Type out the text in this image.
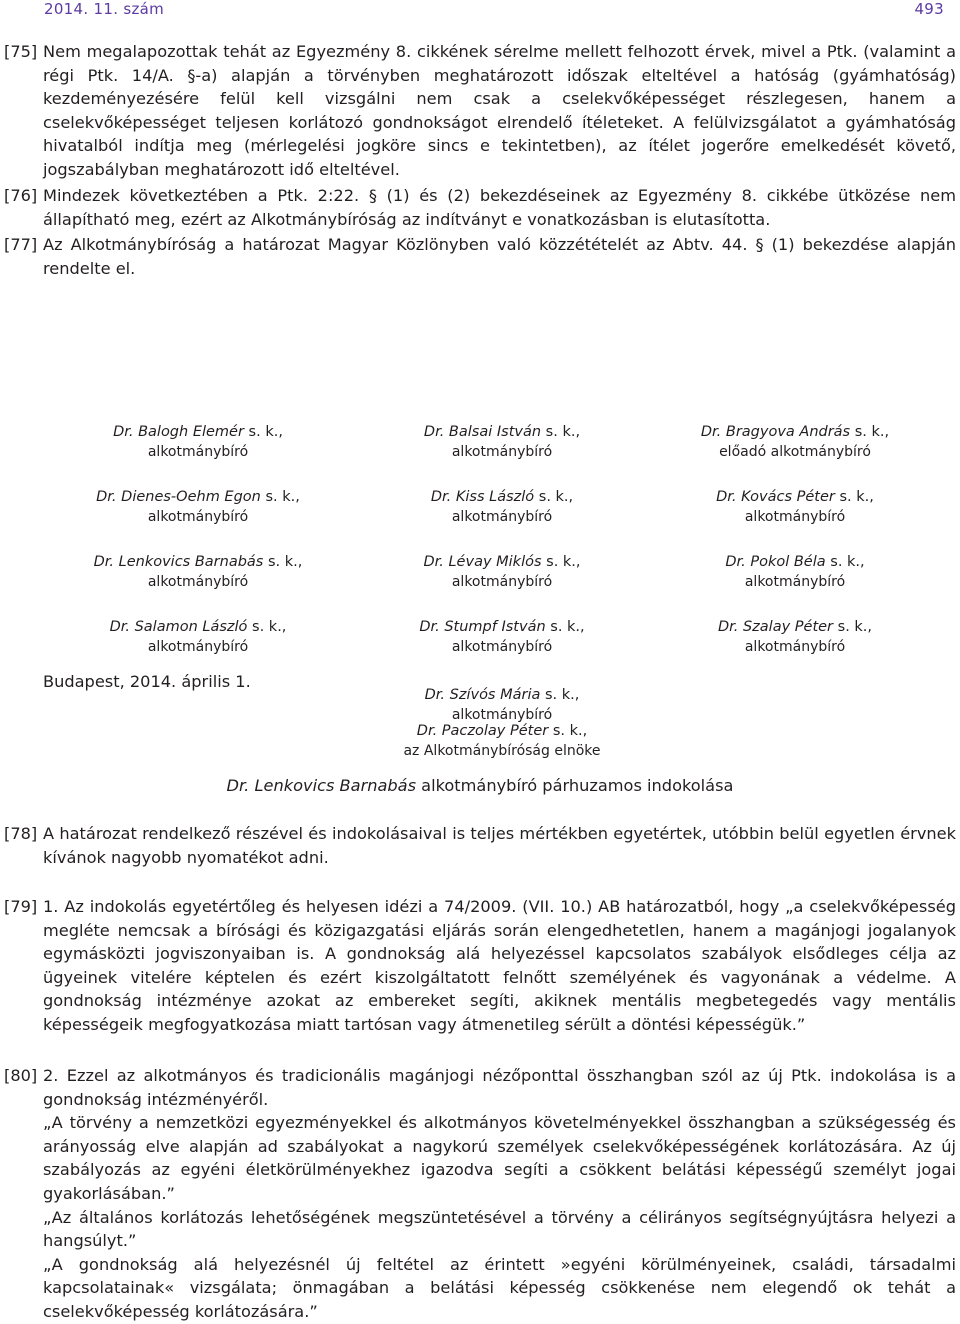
2014. 11. szám	493
[75] Nem megalapozottak tehát az Egyezmény 8. cikkének sérelme mellett felhozott érvek, mivel a Ptk. (valamint a régi Ptk. 14/A. §-a) alapján a törvényben meghatározott időszak elteltével a hatóság (gyámhatóság) kezdeményezésére felül kell vizsgálni nem csak a cselekvőképességet részlegesen, hanem a cselekvőképességet teljesen korlátozó gondnokságot elrendelő ítéleteket. A felülvizsgálatot a gyámhatóság hivatalból indítja meg (mérlegelési jogköre sincs e tekintetben), az ítélet jogerőre emelkedését követő, jogszabályban meghatározott idő elteltével.
[76] Mindezek következtében a Ptk. 2:22. § (1) és (2) bekezdéseinek az Egyezmény 8. cikkébe ütközése nem állapítható meg, ezért az Alkotmánybíróság az indítványt e vonatkozásban is elutasította.
[77] Az Alkotmánybíróság a határozat Magyar Közlönyben való közzétételét az Abtv. 44. § (1) bekezdése alapján rendelte el.
Budapest, 2014. április 1.
Dr. Paczolay Péter s. k.,
az Alkotmánybíróság elnöke
Dr. Balogh Elemér s. k.,
alkotmánybíró
Dr. Balsai István s. k.,
alkotmánybíró
Dr. Bragyova András s. k.,
előadó alkotmánybíró
Dr. Dienes-Oehm Egon s. k.,
alkotmánybíró
Dr. Kiss László s. k.,
alkotmánybíró
Dr. Kovács Péter s. k.,
alkotmánybíró
Dr. Lenkovics Barnabás s. k.,
alkotmánybíró
Dr. Lévay Miklós s. k.,
alkotmánybíró
Dr. Pokol Béla s. k.,
alkotmánybíró
Dr. Salamon László s. k.,
alkotmánybíró
Dr. Stumpf István s. k.,
alkotmánybíró
Dr. Szalay Péter s. k.,
alkotmánybíró
Dr. Szívós Mária s. k.,
alkotmánybíró
Dr. Lenkovics Barnabás alkotmánybíró párhuzamos indokolása
[78] A határozat rendelkező részével és indokolásaival is teljes mértékben egyetértek, utóbbin belül egyetlen érvnek kívánok nagyobb nyomatékot adni.

[79] 1. Az indokolás egyetértőleg és helyesen idézi a 74/2009. (VII. 10.) AB határozatból, hogy „a cselekvőképesség megléte nemcsak a bírósági és közigazgatási eljárás során elengedhetetlen, hanem a magánjogi jogalanyok egymásközti jogviszonyaiban is. A gondnokság alá helyezéssel kapcsolatos szabályok elsődleges célja az ügyeinek vitelére képtelen és ezért kiszolgáltatott felnőtt személyének és vagyonának a védelme. A gondnokság intézménye azokat az embereket segíti, akiknek mentális megbetegedés vagy mentális képességeik megfogyatkozása miatt tartósan vagy átmenetileg sérült a döntési képességük.”

[80] 2. Ezzel az alkotmányos és tradicionális magánjogi nézőponttal összhangban szól az új Ptk. indokolása is a gondnokság intézményéről.

„A törvény a nemzetközi egyezményekkel és alkotmányos követelményekkel összhangban a szükségesség és arányosság elve alapján ad szabályokat a nagykorú személyek cselekvőképességének korlátozására. Az új szabályozás az egyéni életkörülményekhez igazodva segíti a csökkent belátási képességű személyt jogai gyakorlásában.”

„Az általános korlátozás lehetőségének megszüntetésével a törvény a célirányos segítségnyújtásra helyezi a hangsúlyt.”

„A gondnokság alá helyezésnél új feltétel az érintett »egyéni körülményeinek, családi, társadalmi kapcsolatainak« vizsgálata; önmagában a belátási képesség csökkenése nem elegendő ok tehát a cselekvőképesség korlátozására.”
